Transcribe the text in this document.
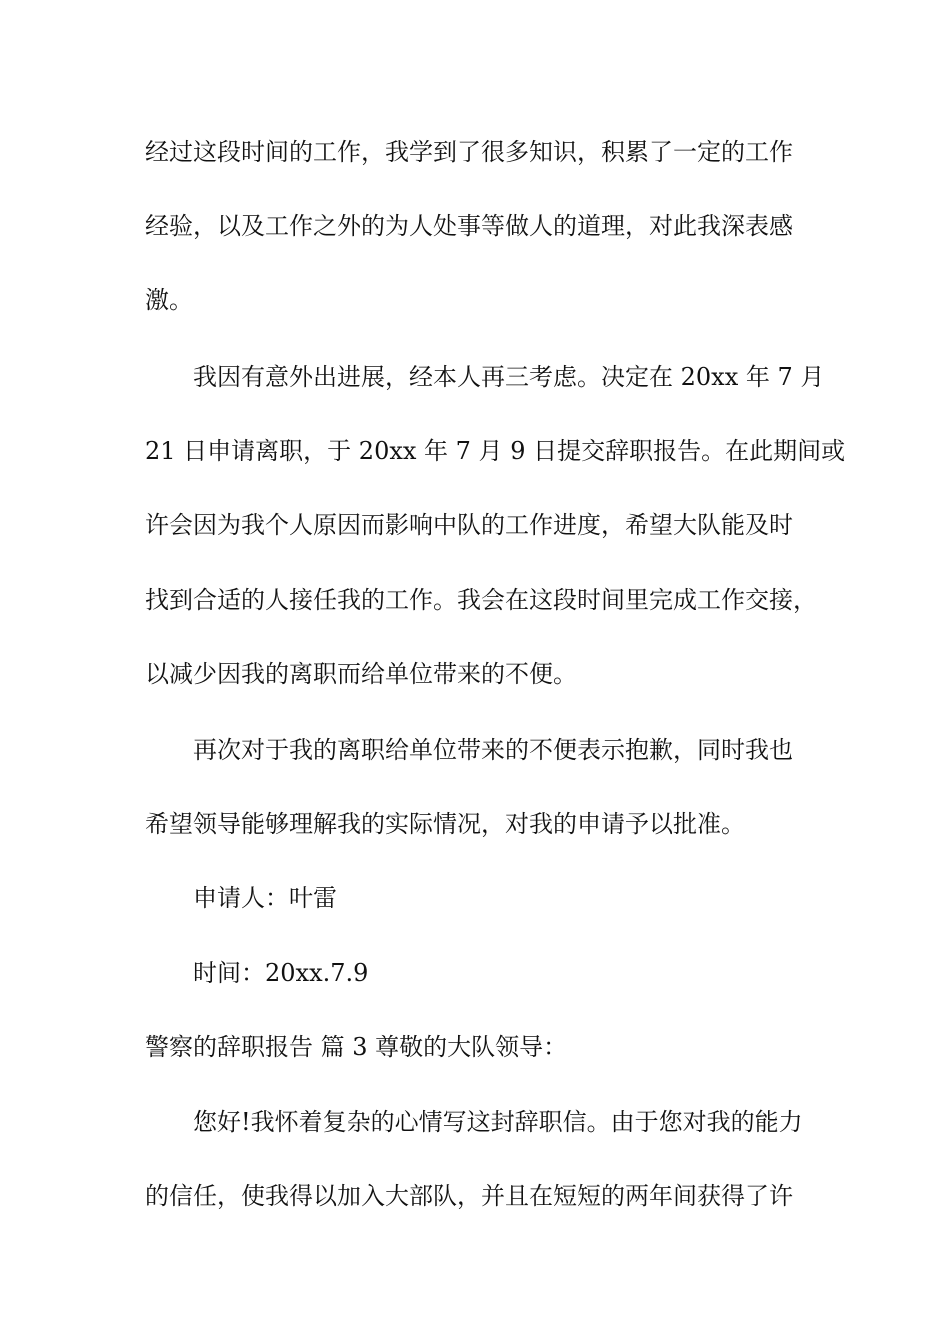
经过这段时间的工作，我学到了很多知识，积累了一定的工作
经验，以及工作之外的为人处事等做人的道理，对此我深表感
激。
我因有意外出进展，经本人再三考虑。决定在 20xx 年 7 月
21 日申请离职，于 20xx 年 7 月 9 日提交辞职报告。在此期间或
许会因为我个人原因而影响中队的工作进度，希望大队能及时
找到合适的人接任我的工作。我会在这段时间里完成工作交接，
以减少因我的离职而给单位带来的不便。
再次对于我的离职给单位带来的不便表示抱歉，同时我也
希望领导能够理解我的实际情况，对我的申请予以批准。
申请人：叶雷
时间：20xx.7.9
警察的辞职报告 篇 3 尊敬的大队领导：
您好!我怀着复杂的心情写这封辞职信。由于您对我的能力
的信任，使我得以加入大部队，并且在短短的两年间获得了许
